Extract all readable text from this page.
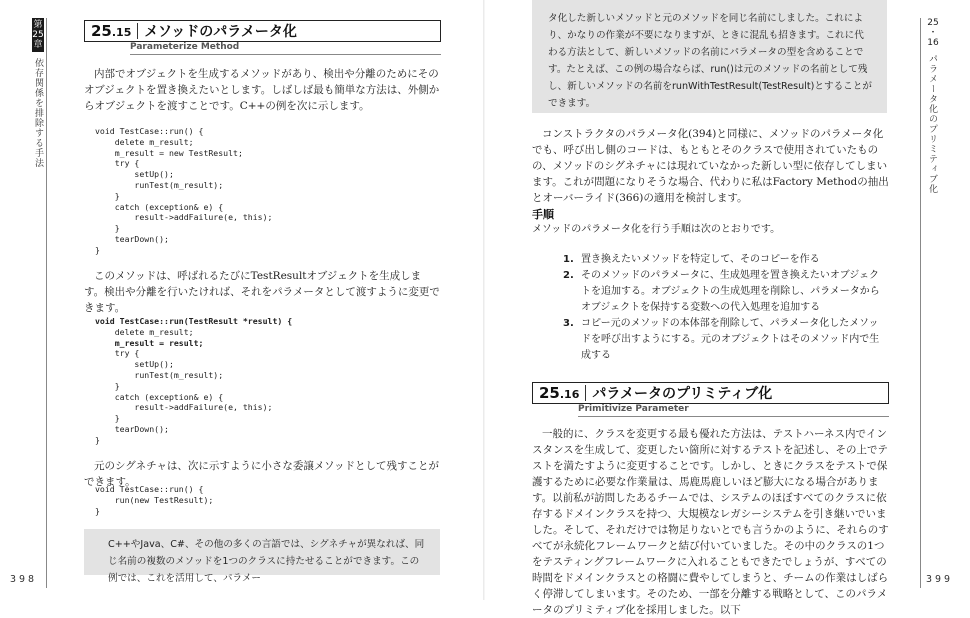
第25章
依存関係を排除する手法
25.15 メソッドのパラメータ化
Parameterize Method

内部でオブジェクトを生成するメソッドがあり、検出や分離のためにそのオブジェクトを置き換えたいとします。しばしば最も簡単な方法は、外側からオブジェクトを渡すことです。C++の例を次に示します。

void TestCase::run() {
delete m_result;
m_result = new TestResult;
try {
setUp();
runTest(m_result);
}
catch (exception& e) {
result->addFailure(e, this);
}
tearDown();
}

このメソッドは、呼ばれるたびにTestResultオブジェクトを生成します。検出や分離を行いたければ、それをパラメータとして渡すように変更できます。

void TestCase::run(TestResult *result) {
delete m_result;
m_result = result;
try {
setUp();
runTest(m_result);
}
catch (exception& e) {
result->addFailure(e, this);
}
tearDown();
}

元のシグネチャは、次に示すように小さな委譲メソッドとして残すことができます。

void TestCase::run() {
run(new TestResult);
}
C++やJava、C#、その他の多くの言語では、シグネチャが異なれば、同じ名前の複数のメソッドを1つのクラスに持たせることができます。この例では、これを活用して、パラメー
398
タ化した新しいメソッドと元のメソッドを同じ名前にしました。これにより、かなりの作業が不要になりますが、ときに混乱も招きます。これに代わる方法として、新しいメソッドの名前にパラメータの型を含めることです。たとえば、この例の場合ならば、run()は元のメソッドの名前として残し、新しいメソッドの名前をrunWithTestResult(TestResult)とすることができます。

コンストラクタのパラメータ化(394)と同様に、メソッドのパラメータ化でも、呼び出し側のコードは、もともとそのクラスで使用されていたものの、メソッドのシグネチャには現れていなかった新しい型に依存してしまいます。これが問題になりそうな場合、代わりに私はFactory Methodの抽出とオーバーライド(366)の適用を検討します。

手順

メソッドのパラメータ化を行う手順は次のとおりです。

1. 置き換えたいメソッドを特定して、そのコピーを作る
2. そのメソッドのパラメータに、生成処理を置き換えたいオブジェクトを追加する。オブジェクトの生成処理を削除し、パラメータからオブジェクトを保持する変数への代入処理を追加する
3. コピー元のメソッドの本体部を削除して、パラメータ化したメソッドを呼び出すようにする。元のオブジェクトはそのメソッド内で生成する
25.16 パラメータのプリミティブ化
Primitivize Parameter

一般的に、クラスを変更する最も優れた方法は、テストハーネス内でインスタンスを生成して、変更したい箇所に対するテストを記述し、その上でテストを満たすように変更することです。しかし、ときにクラスをテストで保護するために必要な作業量は、馬鹿馬鹿しいほど膨大になる場合があります。以前私が訪問したあるチームでは、システムのほぼすべてのクラスに依存するドメインクラスを持つ、大規模なレガシーシステムを引き継いでいました。そして、それだけでは物足りないとでも言うかのように、それらのすべてが永続化フレームワークと結び付いていました。その中のクラスの1つをテスティングフレームワークに入れることもできたでしょうが、すべての時間をドメインクラスとの格闘に費やしてしまうと、チームの作業はしばらく停滞してしまいます。そのため、一部を分離する戦略として、このパラメータのプリミティブ化を採用しました。以下

25
・
16
パラメータ化のプリミティブ化
399
